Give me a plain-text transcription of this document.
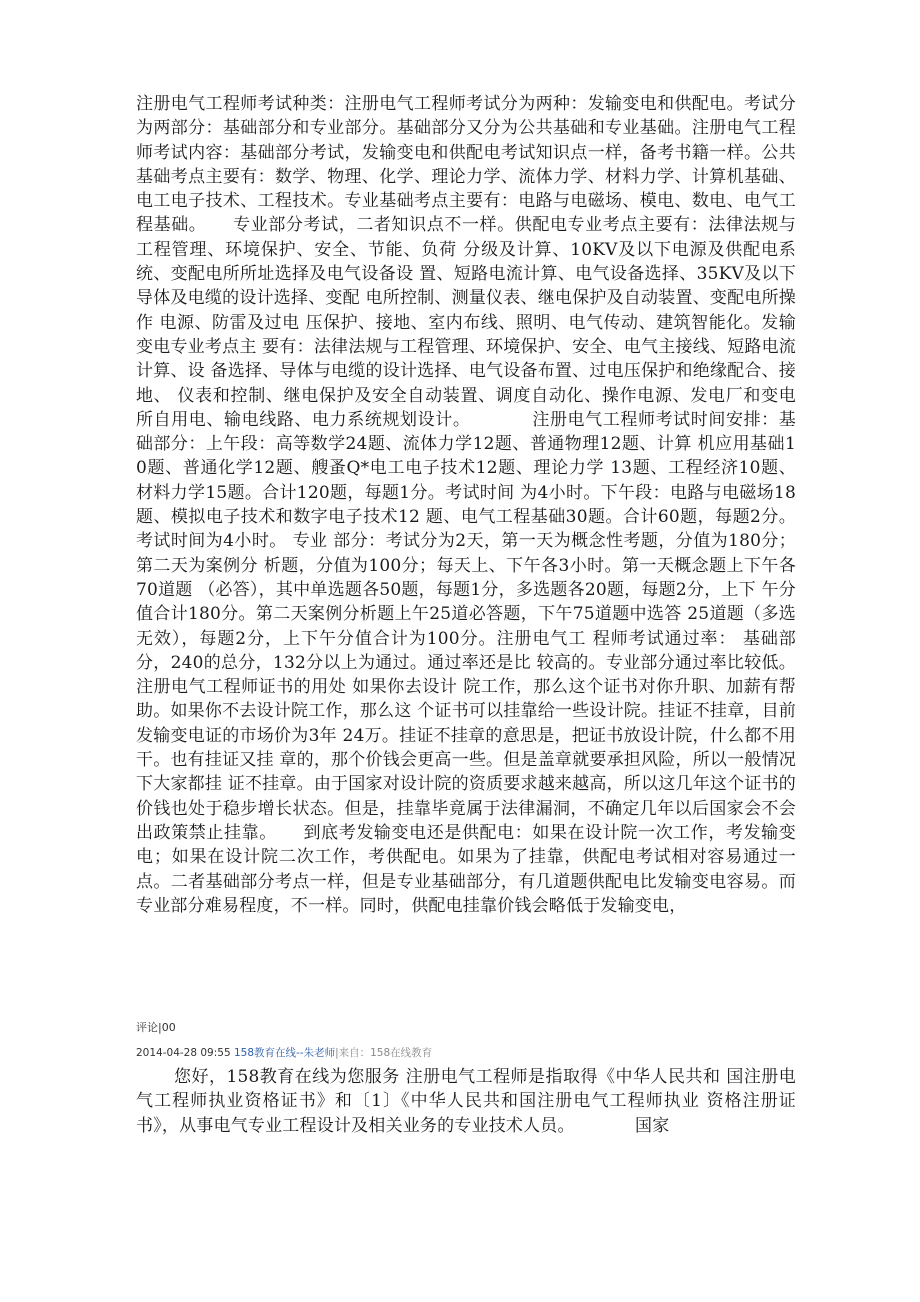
注册电气工程师考试种类：注册电气工程师考试分为两种：发输变电和供配电。考试分为两部分：基础部分和专业部分。基础部分又分为公共基础和专业基础。注册电气工程师考试内容：基础部分考试，发输变电和供配电考试知识点一样，备考书籍一样。公共基础考点主要有：数学、物理、化学、理论力学、流体力学、材料力学、计算机基础、电工电子技术、工程技术。专业基础考点主要有：电路与电磁场、模电、数电、电气工程基础。　　专业部分考试，二者知识点不一样。供配电专业考点主要有：法律法规与工程管理、环境保护、安全、节能、负荷 分级及计算、10KV及以下电源及供配电系统、变配电所所址选择及电气设备设 置、短路电流计算、电气设备选择、35KV及以下导体及电缆的设计选择、变配 电所控制、测量仪表、继电保护及自动装置、变配电所操作 电源、防雷及过电 压保护、接地、室内布线、照明、电气传动、建筑智能化。发输变电专业考点主 要有：法律法规与工程管理、环境保护、安全、电气主接线、短路电流计算、设 备选择、导体与电缆的设计选择、电气设备布置、过电压保护和绝缘配合、接地、 仪表和控制、继电保护及安全自动装置、调度自动化、操作电源、发电厂和变电 所自用电、输电线路、电力系统规划设计。　　　　注册电气工程师考试时间安排：基础部分：上午段：高等数学24题、流体力学12题、普通物理12题、计算 机应用基础10题、普通化学12题、艘蚤Q*电工电子技术12题、理论力学 13题、工程经济10题、材料力学15题。合计120题，每题1分。考试时间 为4小时。下午段：电路与电磁场18题、模拟电子技术和数字电子技术12 题、电气工程基础30题。合计60题，每题2分。考试时间为4小时。 专业 部分：考试分为2天，第一天为概念性考题，分值为180分；第二天为案例分 析题，分值为100分；每天上、下午各3小时。第一天概念题上下午各70道题 （必答），其中单选题各50题，每题1分，多选题各20题，每题2分，上下 午分值合计180分。第二天案例分析题上午25道必答题，下午75道题中选答 25道题（多选无效），每题2分，上下午分值合计为100分。注册电气工 程师考试通过率： 基础部分，240的总分，132分以上为通过。通过率还是比 较高的。专业部分通过率比较低。注册电气工程师证书的用处 如果你去设计 院工作，那么这个证书对你升职、加薪有帮助。如果你不去设计院工作，那么这 个证书可以挂靠给一些设计院。挂证不挂章，目前发输变电证的市场价为3年 24万。挂证不挂章的意思是，把证书放设计院，什么都不用干。也有挂证又挂 章的，那个价钱会更高一些。但是盖章就要承担风险，所以一般情况下大家都挂 证不挂章。由于国家对设计院的资质要求越来越高，所以这几年这个证书的价钱也处于稳步增长状态。但是，挂靠毕竟属于法律漏洞，不确定几年以后国家会不会出政策禁止挂靠。　　到底考发输变电还是供配电：如果在设计院一次工作，考发输变电；如果在设计院二次工作，考供配电。如果为了挂靠，供配电考试相对容易通过一点。二者基础部分考点一样，但是专业基础部分，有几道题供配电比发输变电容易。而专业部分难易程度，不一样。同时，供配电挂靠价钱会略低于发输变电，
评论|00
2014-04-28 09:55 158教育在线--朱老师|来自：158在线教育
您好，158教育在线为您服务 注册电气工程师是指取得《中华人民共和 国注册电气工程师执业资格证书》和〔1〕《中华人民共和国注册电气工程师执业 资格注册证书》，从事电气专业工程设计及相关业务的专业技术人员。　　　　国家
